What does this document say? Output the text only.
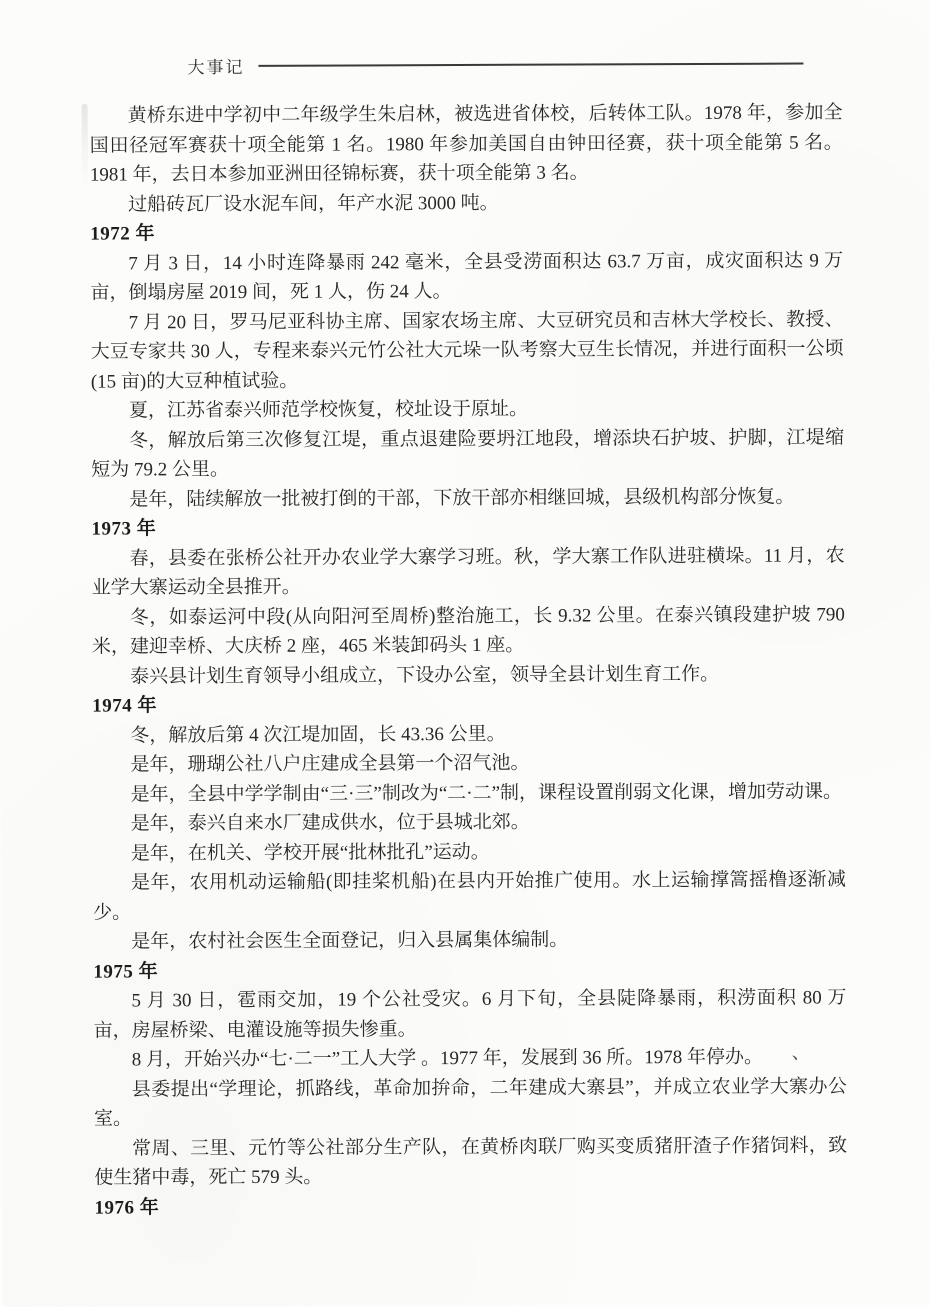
大事记

黄桥东进中学初中二年级学生朱启林，被选进省体校，后转体工队。1978 年，参加全国田径冠军赛获十项全能第 1 名。1980 年参加美国自由钟田径赛，获十项全能第 5 名。1981 年，去日本参加亚洲田径锦标赛，获十项全能第 3 名。

过船砖瓦厂设水泥车间，年产水泥 3000 吨。

1972 年

7 月 3 日，14 小时连降暴雨 242 毫米，全县受涝面积达 63.7 万亩，成灾面积达 9 万亩，倒塌房屋 2019 间，死 1 人，伤 24 人。

7 月 20 日，罗马尼亚科协主席、国家农场主席、大豆研究员和吉林大学校长、教授、大豆专家共 30 人，专程来泰兴元竹公社大元垛一队考察大豆生长情况，并进行面积一公顷(15 亩)的大豆种植试验。

夏，江苏省泰兴师范学校恢复，校址设于原址。

冬，解放后第三次修复江堤，重点退建险要坍江地段，增添块石护坡、护脚，江堤缩短为 79.2 公里。

是年，陆续解放一批被打倒的干部，下放干部亦相继回城，县级机构部分恢复。

1973 年

春，县委在张桥公社开办农业学大寨学习班。秋，学大寨工作队进驻横垛。11 月，农业学大寨运动全县推开。

冬，如泰运河中段(从向阳河至周桥)整治施工，长 9.32 公里。在泰兴镇段建护坡 790 米，建迎幸桥、大庆桥 2 座，465 米装卸码头 1 座。

泰兴县计划生育领导小组成立，下设办公室，领导全县计划生育工作。

1974 年

冬，解放后第 4 次江堤加固，长 43.36 公里。

是年，珊瑚公社八户庄建成全县第一个沼气池。

是年，全县中学学制由“三·三”制改为“二·二”制，课程设置削弱文化课，增加劳动课。

是年，泰兴自来水厂建成供水，位于县城北郊。

是年，在机关、学校开展“批林批孔”运动。

是年，农用机动运输船(即挂桨机船)在县内开始推广使用。水上运输撑篙摇橹逐渐减少。

是年，农村社会医生全面登记，归入县属集体编制。

1975 年

5 月 30 日，雹雨交加，19 个公社受灾。6 月下旬，全县陡降暴雨，积涝面积 80 万亩，房屋桥梁、电灌设施等损失惨重。

8 月，开始兴办“七·二一”工人大学 。1977 年，发展到 36 所。1978 年停办。

县委提出“学理论，抓路线，革命加拚命，二年建成大寨县”，并成立农业学大寨办公室。

常周、三里、元竹等公社部分生产队，在黄桥肉联厂购买变质猪肝渣子作猪饲料，致使生猪中毒，死亡 579 头。

1976 年

、
